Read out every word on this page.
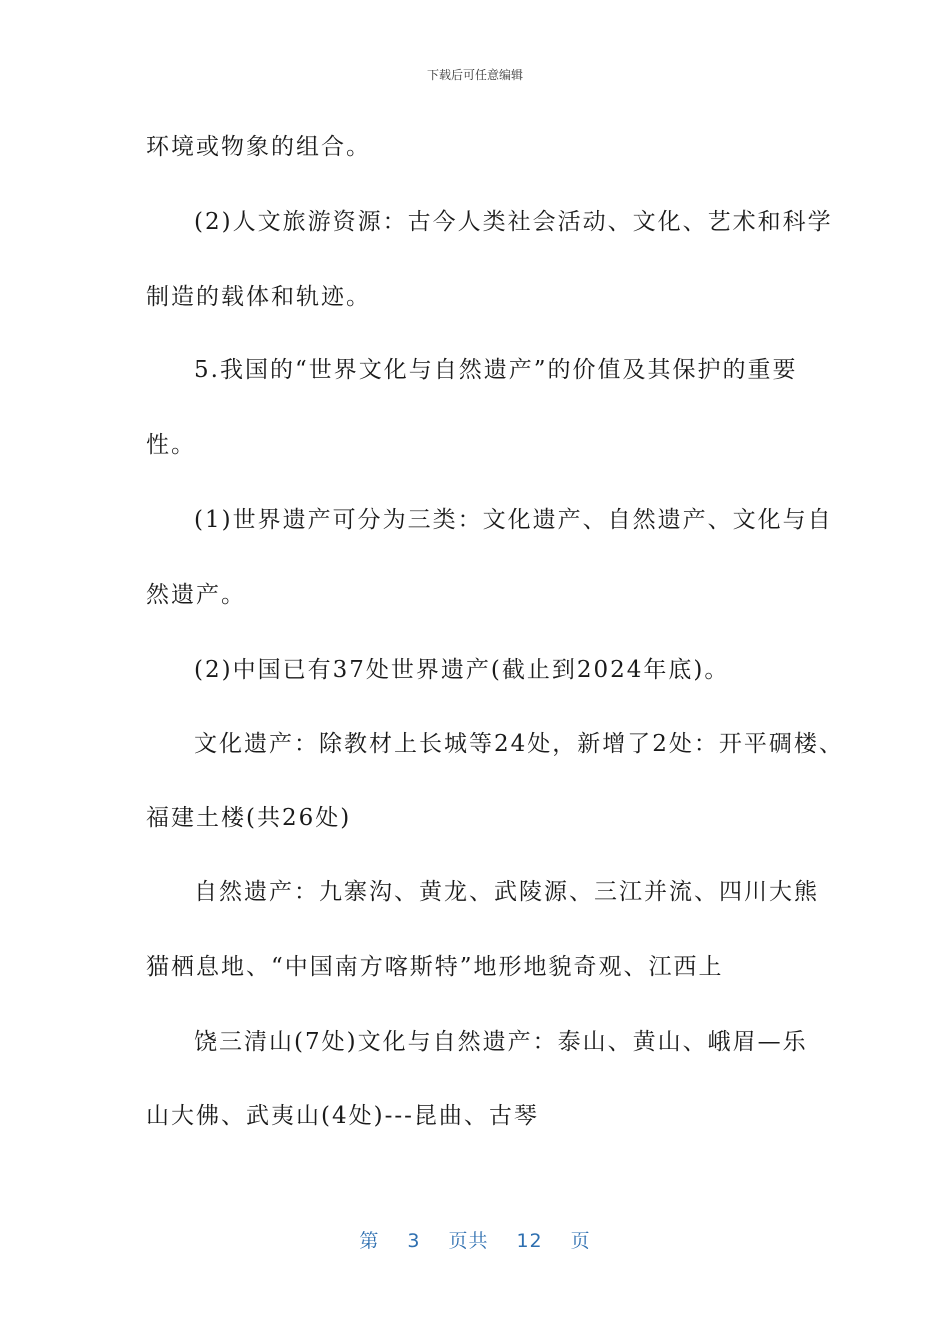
下载后可任意编辑
环境或物象的组合。
(2)人文旅游资源：古今人类社会活动、文化、艺术和科学
制造的载体和轨迹。
5.我国的“世界文化与自然遗产”的价值及其保护的重要
性。
(1)世界遗产可分为三类：文化遗产、自然遗产、文化与自
然遗产。
(2)中国已有37处世界遗产(截止到2024年底)。
文化遗产：除教材上长城等24处，新增了2处：开平碉楼、
福建土楼(共26处)
自然遗产：九寨沟、黄龙、武陵源、三江并流、四川大熊
猫栖息地、“中国南方喀斯特”地形地貌奇观、江西上
饶三清山(7处)文化与自然遗产：泰山、黄山、峨眉—乐
山大佛、武夷山(4处)---昆曲、古琴
第 3 页共 12 页
